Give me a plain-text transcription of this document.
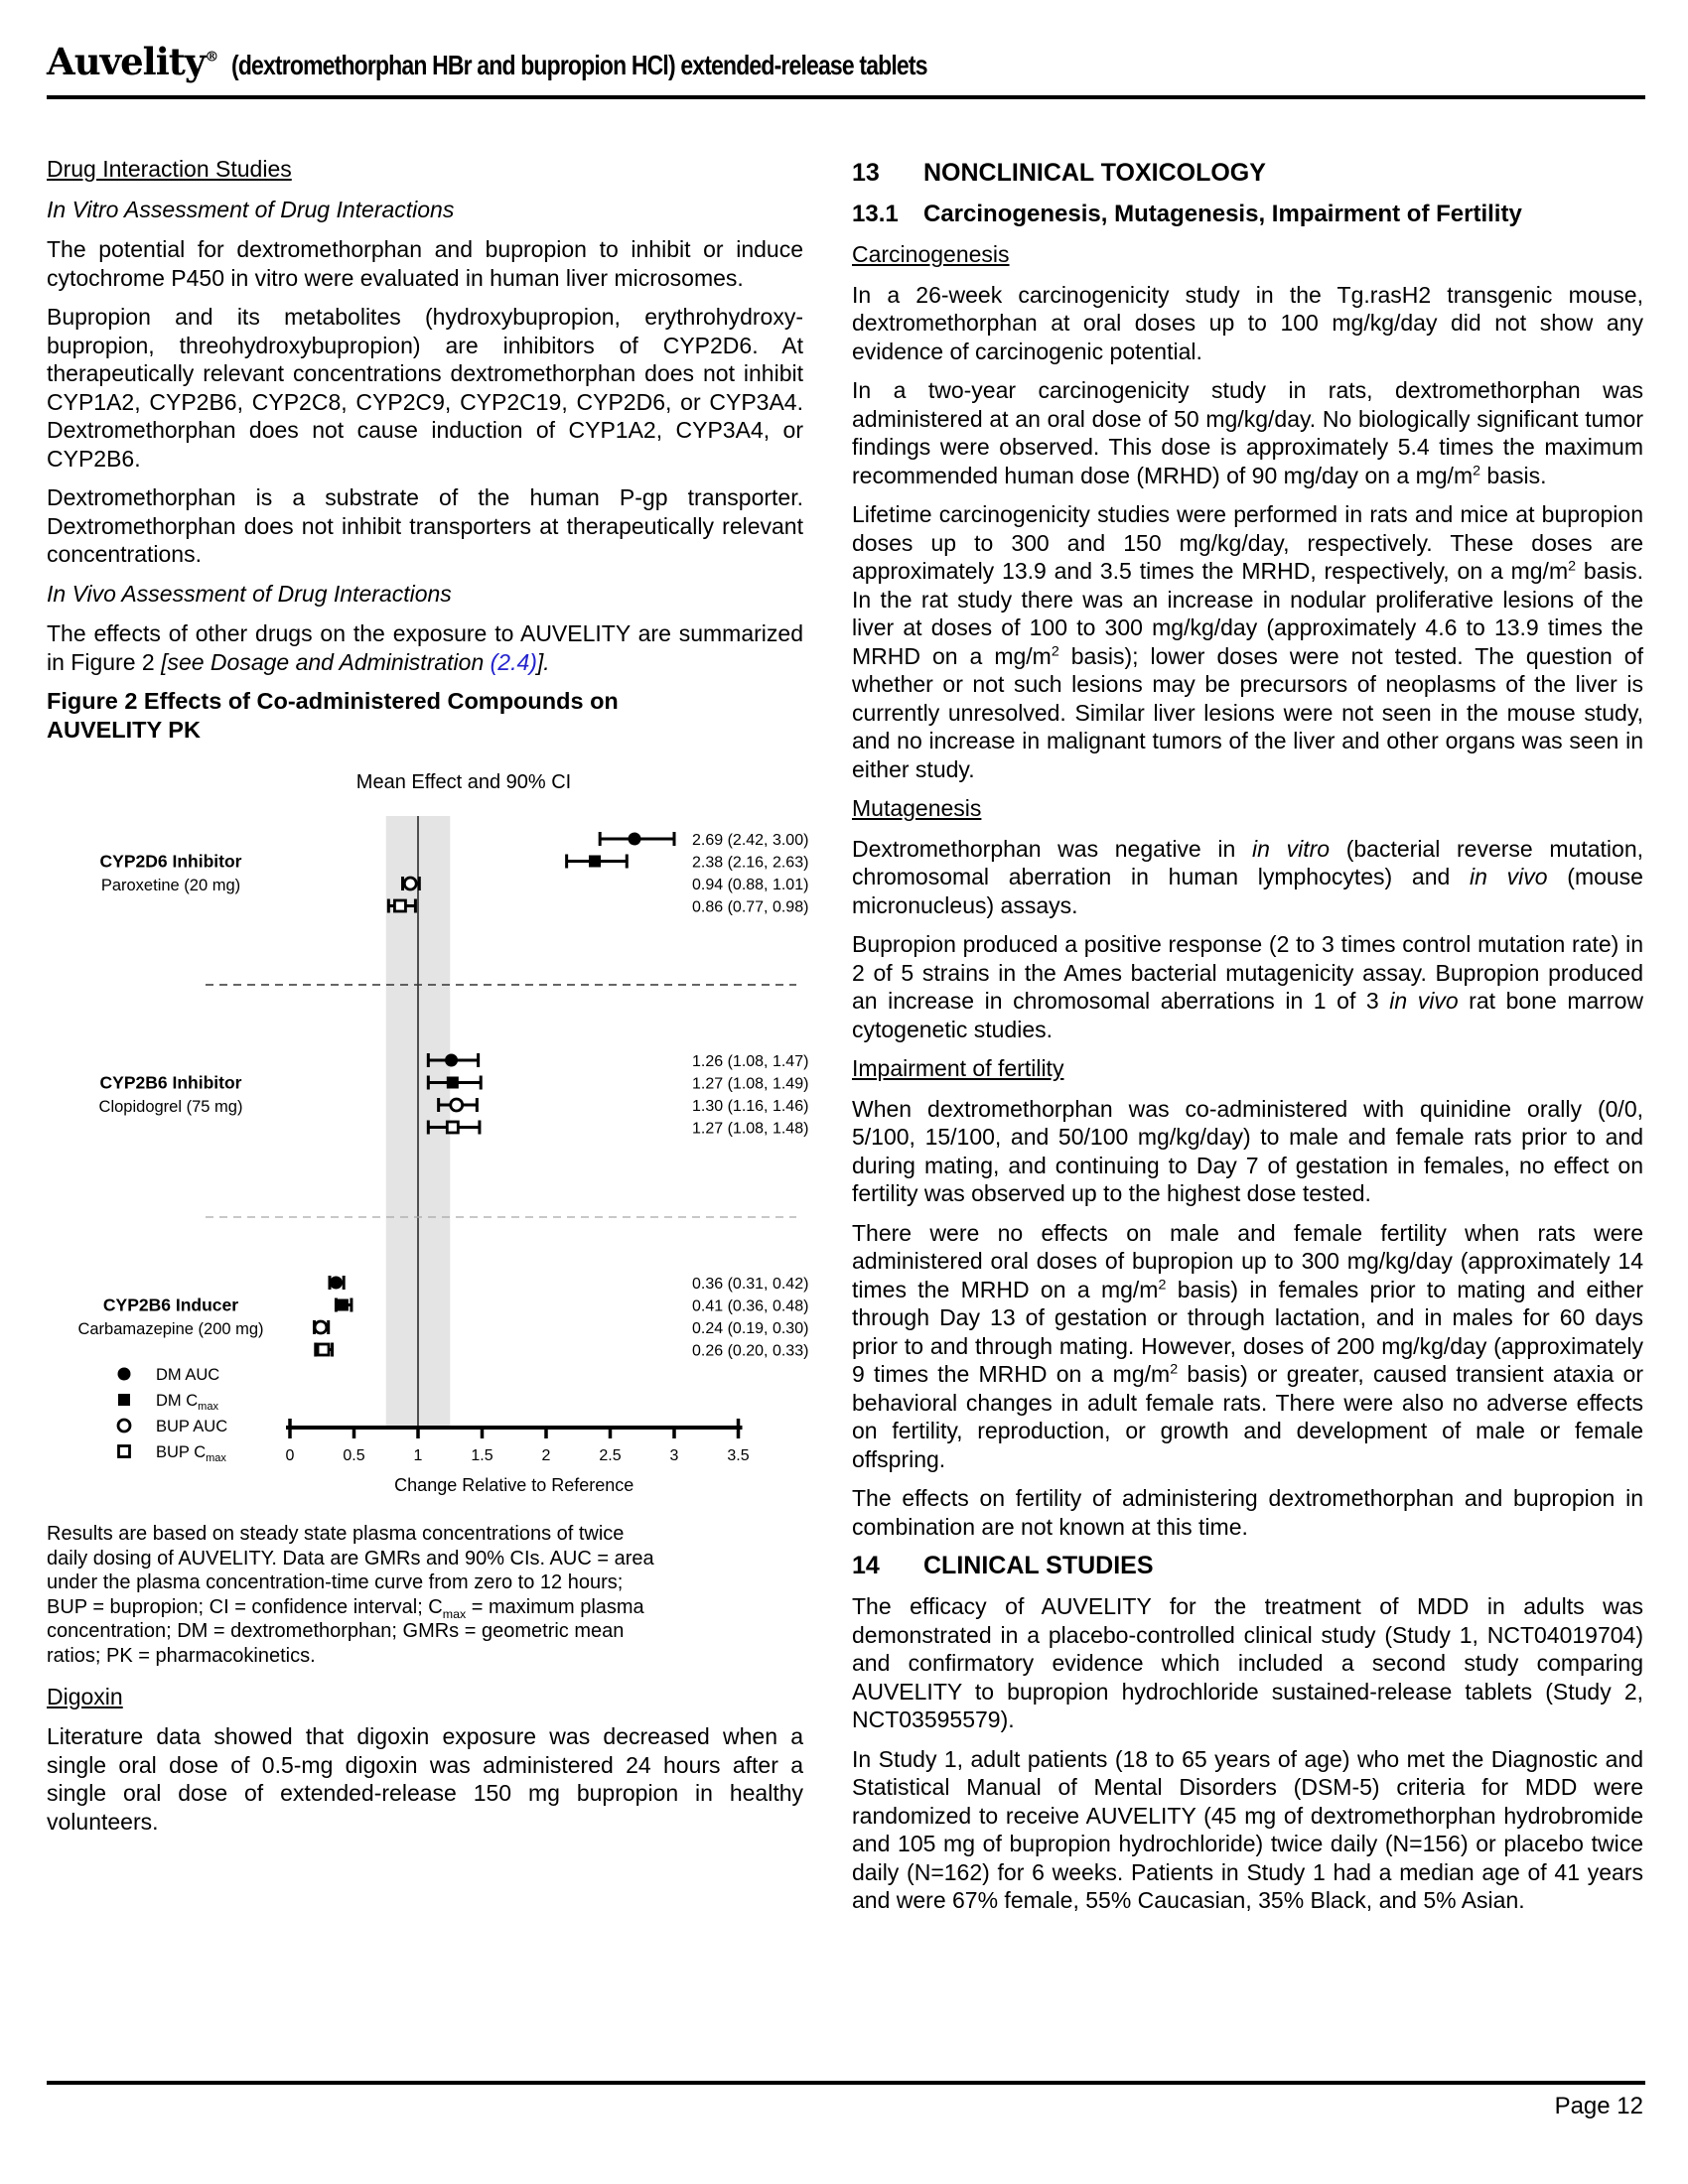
Auvelity® (dextromethorphan HBr and bupropion HCl) extended-release tablets
Drug Interaction Studies
In Vitro Assessment of Drug Interactions

The potential for dextromethorphan and bupropion to inhibit or induce cytochrome P450 in vitro were evaluated in human liver microsomes.

Bupropion and its metabolites (hydroxybupropion, erythrohydroxy-bupropion, threohydroxybupropion) are inhibitors of CYP2D6. At therapeutically relevant concentrations dextromethorphan does not inhibit CYP1A2, CYP2B6, CYP2C8, CYP2C9, CYP2C19, CYP2D6, or CYP3A4. Dextromethorphan does not cause induction of CYP1A2, CYP3A4, or CYP2B6.

Dextromethorphan is a substrate of the human P-gp transporter. Dextromethorphan does not inhibit transporters at therapeutically relevant concentrations.

In Vivo Assessment of Drug Interactions

The effects of other drugs on the exposure to AUVELITY are summarized in Figure 2 [see Dosage and Administration (2.4)].

Figure 2 Effects of Co-administered Compounds on AUVELITY PK
Mean Effect and 90% CI
2.69 (2.42, 3.00)
2.38 (2.16, 2.63)
0.94 (0.88, 1.01)
0.86 (0.77, 0.98)
CYP2D6 Inhibitor
Paroxetine (20 mg)
1.26 (1.08, 1.47)
1.27 (1.08, 1.49)
1.30 (1.16, 1.46)
1.27 (1.08, 1.48)
CYP2B6 Inhibitor
Clopidogrel (75 mg)
0.36 (0.31, 0.42)
0.41 (0.36, 0.48)
0.24 (0.19, 0.30)
0.26 (0.20, 0.33)
CYP2B6 Inducer
Carbamazepine (200 mg)
0	0.5	1	1.5	2	2.5	3	3.5
Change Relative to Reference
DM AUC
DM $C_{max}$
BUP AUC
BUP $C_{max}$

Results are based on steady state plasma concentrations of twice daily dosing of AUVELITY. Data are GMRs and 90% CIs. AUC = area under the plasma concentration-time curve from zero to 12 hours; BUP = bupropion; CI = confidence interval; $C_{max}$ = maximum plasma concentration; DM = dextromethorphan; GMRs = geometric mean ratios; PK = pharmacokinetics.

Digoxin

Literature data showed that digoxin exposure was decreased when a single oral dose of 0.5-mg digoxin was administered 24 hours after a single oral dose of extended-release 150 mg bupropion in healthy volunteers.

13	NONCLINICAL TOXICOLOGY
13.1	Carcinogenesis, Mutagenesis, Impairment of Fertility
Carcinogenesis

In a 26-week carcinogenicity study in the Tg.rasH2 transgenic mouse, dextromethorphan at oral doses up to 100 mg/kg/day did not show any evidence of carcinogenic potential.

In a two-year carcinogenicity study in rats, dextromethorphan was administered at an oral dose of 50 mg/kg/day. No biologically significant tumor findings were observed. This dose is approximately 5.4 times the maximum recommended human dose (MRHD) of 90 mg/day on a $mg/m^2$ basis.

Lifetime carcinogenicity studies were performed in rats and mice at bupropion doses up to 300 and 150 mg/kg/day, respectively. These doses are approximately 13.9 and 3.5 times the MRHD, respectively, on a $mg/m^2$ basis. In the rat study there was an increase in nodular proliferative lesions of the liver at doses of 100 to 300 mg/kg/day (approximately 4.6 to 13.9 times the MRHD on a $mg/m^2$ basis); lower doses were not tested. The question of whether or not such lesions may be precursors of neoplasms of the liver is currently unresolved. Similar liver lesions were not seen in the mouse study, and no increase in malignant tumors of the liver and other organs was seen in either study.

Mutagenesis

Dextromethorphan was negative in in vitro (bacterial reverse mutation, chromosomal aberration in human lymphocytes) and in vivo (mouse micronucleus) assays.

Bupropion produced a positive response (2 to 3 times control mutation rate) in 2 of 5 strains in the Ames bacterial mutagenicity assay. Bupropion produced an increase in chromosomal aberrations in 1 of 3 in vivo rat bone marrow cytogenetic studies.

Impairment of fertility

When dextromethorphan was co-administered with quinidine orally (0/0, 5/100, 15/100, and 50/100 mg/kg/day) to male and female rats prior to and during mating, and continuing to Day 7 of gestation in females, no effect on fertility was observed up to the highest dose tested.

There were no effects on male and female fertility when rats were administered oral doses of bupropion up to 300 mg/kg/day (approximately 14 times the MRHD on a $mg/m^2$ basis) in females prior to mating and either through Day 13 of gestation or through lactation, and in males for 60 days prior to and through mating. However, doses of 200 mg/kg/day (approximately 9 times the MRHD on a $mg/m^2$ basis) or greater, caused transient ataxia or behavioral changes in adult female rats. There were also no adverse effects on fertility, reproduction, or growth and development of male or female offspring.

The effects on fertility of administering dextromethorphan and bupropion in combination are not known at this time.

14	CLINICAL STUDIES

The efficacy of AUVELITY for the treatment of MDD in adults was demonstrated in a placebo-controlled clinical study (Study 1, NCT04019704) and confirmatory evidence which included a second study comparing AUVELITY to bupropion hydrochloride sustained-release tablets (Study 2, NCT03595579).

In Study 1, adult patients (18 to 65 years of age) who met the Diagnostic and Statistical Manual of Mental Disorders (DSM-5) criteria for MDD were randomized to receive AUVELITY (45 mg of dextromethorphan hydrobromide and 105 mg of bupropion hydrochloride) twice daily (N=156) or placebo twice daily (N=162) for 6 weeks. Patients in Study 1 had a median age of 41 years and were 67% female, 55% Caucasian, 35% Black, and 5% Asian.

Page 12
